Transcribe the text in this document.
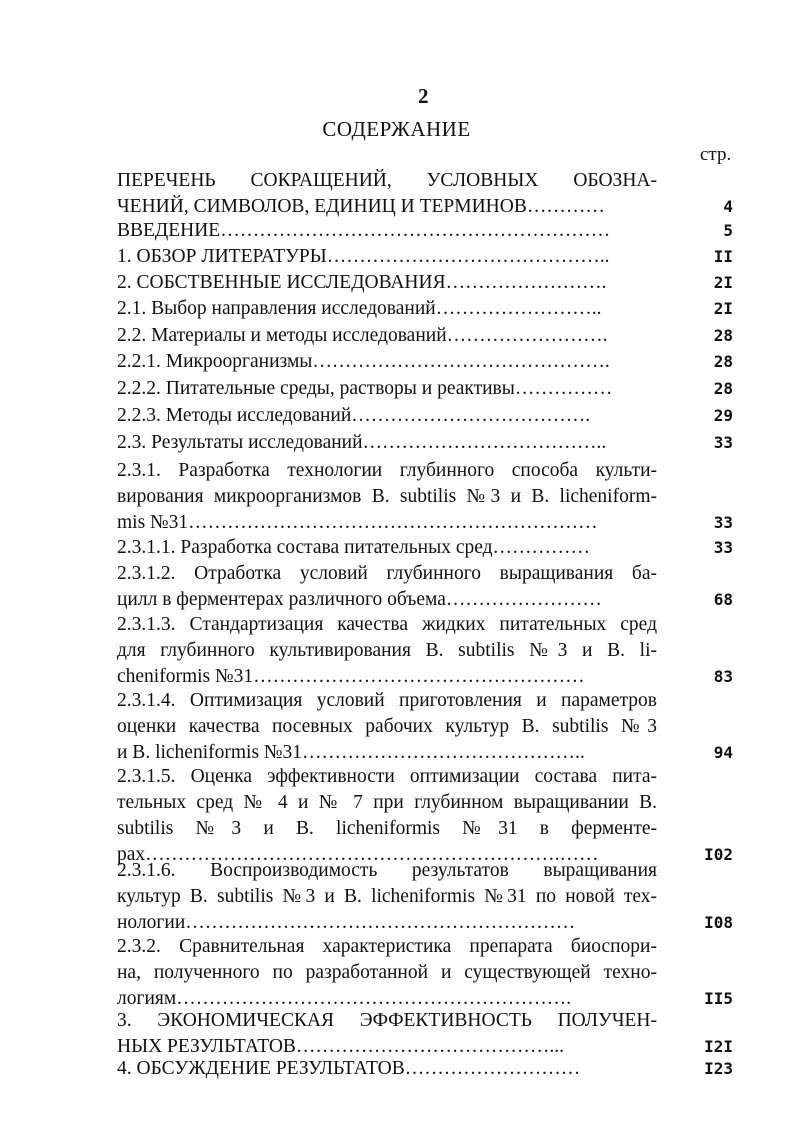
2
СОДЕРЖАНИЕ
стр.
ПЕРЕЧЕНЬ СОКРАЩЕНИЙ, УСЛОВНЫХ ОБОЗНА-
ЧЕНИЙ, СИМВОЛОВ, ЕДИНИЦ И ТЕРМИНОВ…………	4
ВВЕДЕНИЕ……………………………………………………	5
1. ОБЗОР ЛИТЕРАТУРЫ……………………………………..	II
2. СОБСТВЕННЫЕ ИССЛЕДОВАНИЯ…………………….	2I
2.1. Выбор направления исследований……………………..	2I
2.2. Материалы и методы исследований…………………….	28
2.2.1. Микроорганизмы……………………………………….	28
2.2.2. Питательные среды, растворы и реактивы……………	28
2.2.3. Методы исследований……………………………….	29
2.3. Результаты исследований………………………………..	33
2.3.1. Разработка технологии глубинного способа культи-
вирования микроорганизмов B. subtilis №3 и B. licheniform-
mis №31………………………………………………………	33
2.3.1.1. Разработка состава питательных сред……………	33
2.3.1.2. Отработка условий глубинного выращивания ба-
цилл в ферментерах различного объема……………………	68
2.3.1.3. Стандартизация качества жидких питательных сред
для глубинного культивирования B. subtilis №3 и B. li-
cheniformis №31……………………………………………	83
2.3.1.4. Оптимизация условий приготовления и параметров
оценки качества посевных рабочих культур B. subtilis №3
и B. licheniformis №31……………………………………..	94
2.3.1.5. Оценка эффективности оптимизации состава пита-
тельных сред № 4 и № 7 при глубинном выращивании B.
subtilis №3 и B. licheniformis №31 в ферменте-
рах……………………………………………………….……	I02
2.3.1.6. Воспроизводимость результатов выращивания
культур B. subtilis №3 и B. licheniformis №31 по новой тех-
нологии……………………………………………………	I08
2.3.2. Сравнительная характеристика препарата биоспори-
на, полученного по разработанной и существующей техно-
логиям…………………………………………………….	II5
3. ЭКОНОМИЧЕСКАЯ ЭФФЕКТИВНОСТЬ ПОЛУЧЕН-
НЫХ РЕЗУЛЬТАТОВ…………………………………...	I2I
4. ОБСУЖДЕНИЕ РЕЗУЛЬТАТОВ………………………	I23
